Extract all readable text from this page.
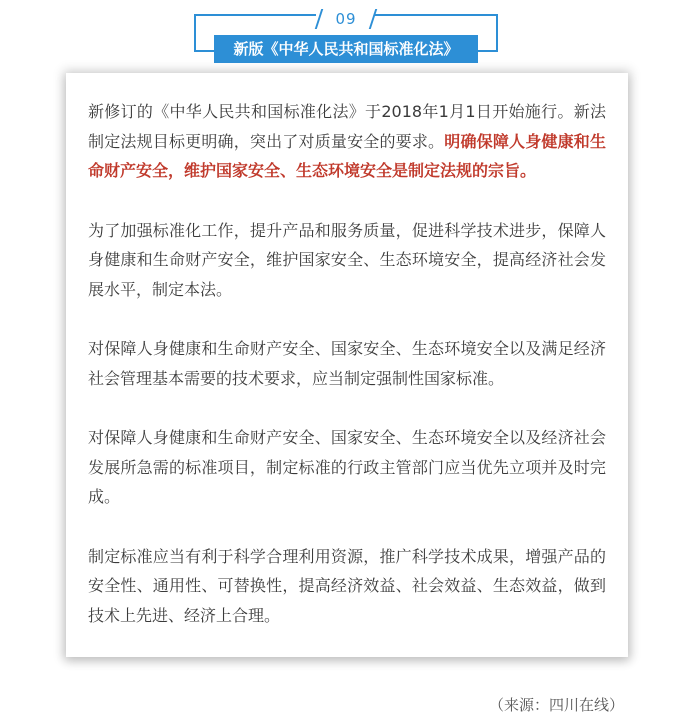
09
新版《中华人民共和国标准化法》

新修订的《中华人民共和国标准化法》于2018年1月1日开始施行。新法制定法规目标更明确，突出了对质量安全的要求。明确保障人身健康和生命财产安全，维护国家安全、生态环境安全是制定法规的宗旨。

为了加强标准化工作，提升产品和服务质量，促进科学技术进步，保障人身健康和生命财产安全，维护国家安全、生态环境安全，提高经济社会发展水平，制定本法。

对保障人身健康和生命财产安全、国家安全、生态环境安全以及满足经济社会管理基本需要的技术要求，应当制定强制性国家标准。

对保障人身健康和生命财产安全、国家安全、生态环境安全以及经济社会发展所急需的标准项目，制定标准的行政主管部门应当优先立项并及时完成。

制定标准应当有利于科学合理利用资源，推广科学技术成果，增强产品的安全性、通用性、可替换性，提高经济效益、社会效益、生态效益，做到技术上先进、经济上合理。

（来源：四川在线）
